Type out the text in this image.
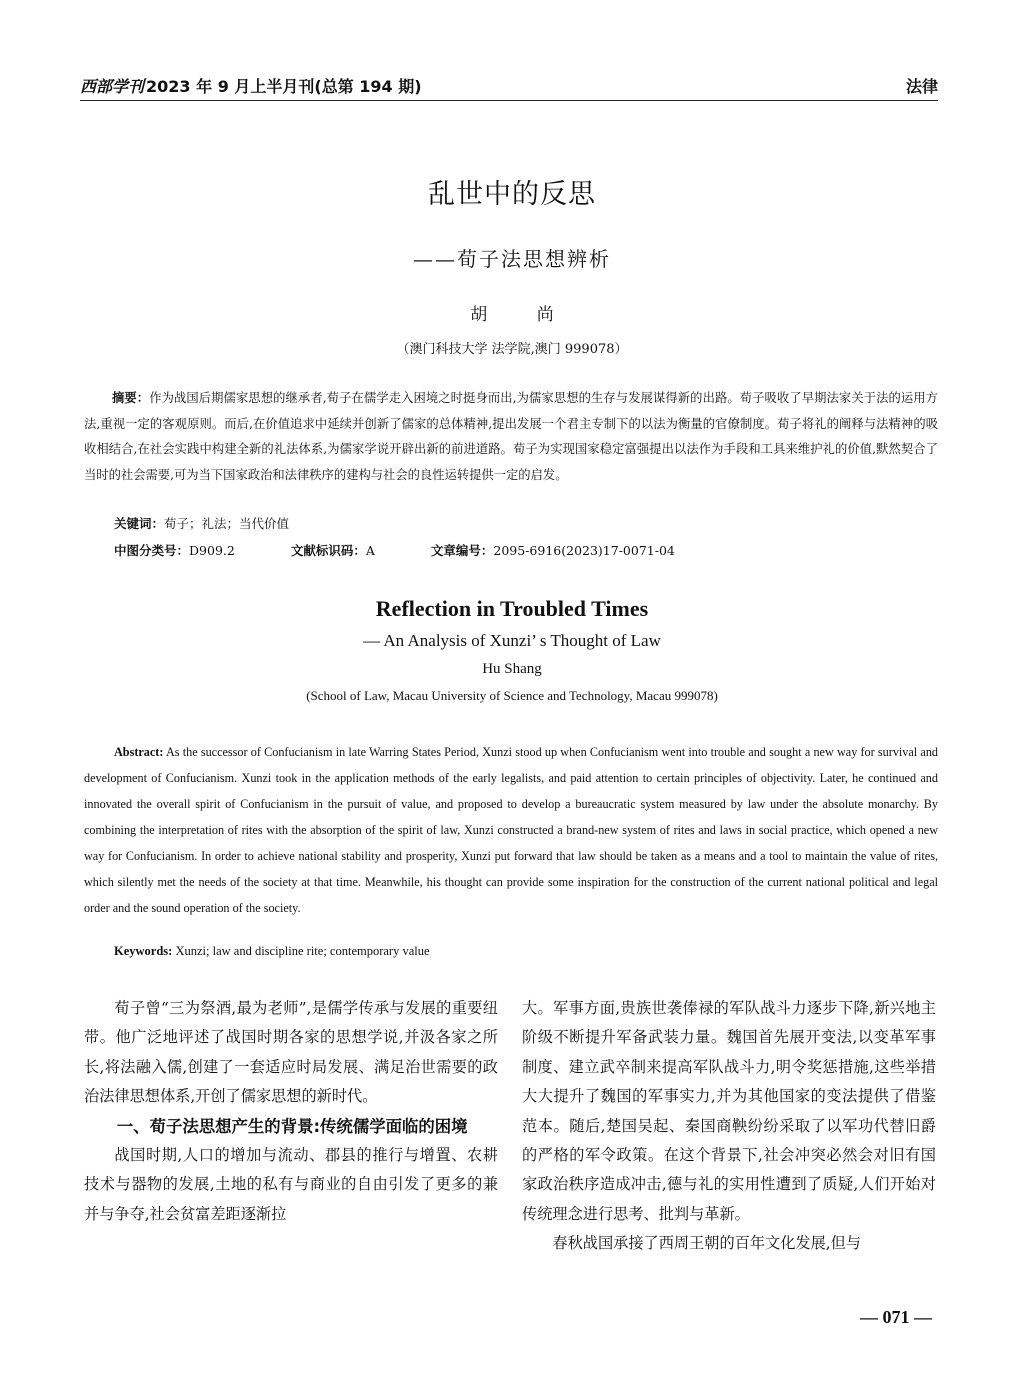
西部学刊 2023 年 9 月上半月刊(总第 194 期)	法律
乱世中的反思
——荀子法思想辨析
胡 尚
（澳门科技大学 法学院,澳门 999078）
摘要：作为战国后期儒家思想的继承者,荀子在儒学走入困境之时挺身而出,为儒家思想的生存与发展谋得新的出路。荀子吸收了早期法家关于法的运用方法,重视一定的客观原则。而后,在价值追求中延续并创新了儒家的总体精神,提出发展一个君主专制下的以法为衡量的官僚制度。荀子将礼的阐释与法精神的吸收相结合,在社会实践中构建全新的礼法体系,为儒家学说开辟出新的前进道路。荀子为实现国家稳定富强提出以法作为手段和工具来维护礼的价值,默然契合了当时的社会需要,可为当下国家政治和法律秩序的建构与社会的良性运转提供一定的启发。
关键词：荀子；礼法；当代价值
中图分类号：D909.2	文献标识码：A	文章编号：2095-6916(2023)17-0071-04
Reflection in Troubled Times
— An Analysis of Xunzi’ s Thought of Law
Hu Shang
(School of Law, Macau University of Science and Technology, Macau 999078)
Abstract: As the successor of Confucianism in late Warring States Period, Xunzi stood up when Confucianism went into trouble and sought a new way for survival and development of Confucianism. Xunzi took in the application methods of the early legalists, and paid attention to certain principles of objectivity. Later, he continued and innovated the overall spirit of Confucianism in the pursuit of value, and proposed to develop a bureaucratic system measured by law under the absolute monarchy. By combining the interpretation of rites with the absorption of the spirit of law, Xunzi constructed a brand-new system of rites and laws in social practice, which opened a new way for Confucianism. In order to achieve national stability and prosperity, Xunzi put forward that law should be taken as a means and a tool to maintain the value of rites, which silently met the needs of the society at that time. Meanwhile, his thought can provide some inspiration for the construction of the current national political and legal order and the sound operation of the society.
Keywords: Xunzi; law and discipline rite; contemporary value

荀子曾“三为祭酒,最为老师”,是儒学传承与发展的重要纽带。他广泛地评述了战国时期各家的思想学说,并汲各家之所长,将法融入儒,创建了一套适应时局发展、满足治世需要的政治法律思想体系,开创了儒家思想的新时代。

一、荀子法思想产生的背景:传统儒学面临的困境

战国时期,人口的增加与流动、郡县的推行与增置、农耕技术与器物的发展,土地的私有与商业的自由引发了更多的兼并与争夺,社会贫富差距逐渐拉

大。军事方面,贵族世袭俸禄的军队战斗力逐步下降,新兴地主阶级不断提升军备武装力量。魏国首先展开变法,以变革军事制度、建立武卒制来提高军队战斗力,明令奖惩措施,这些举措大大提升了魏国的军事实力,并为其他国家的变法提供了借鉴范本。随后,楚国吴起、秦国商鞅纷纷采取了以军功代替旧爵的严格的军令政策。在这个背景下,社会冲突必然会对旧有国家政治秩序造成冲击,德与礼的实用性遭到了质疑,人们开始对传统理念进行思考、批判与革新。

春秋战国承接了西周王朝的百年文化发展,但与

— 071 —
